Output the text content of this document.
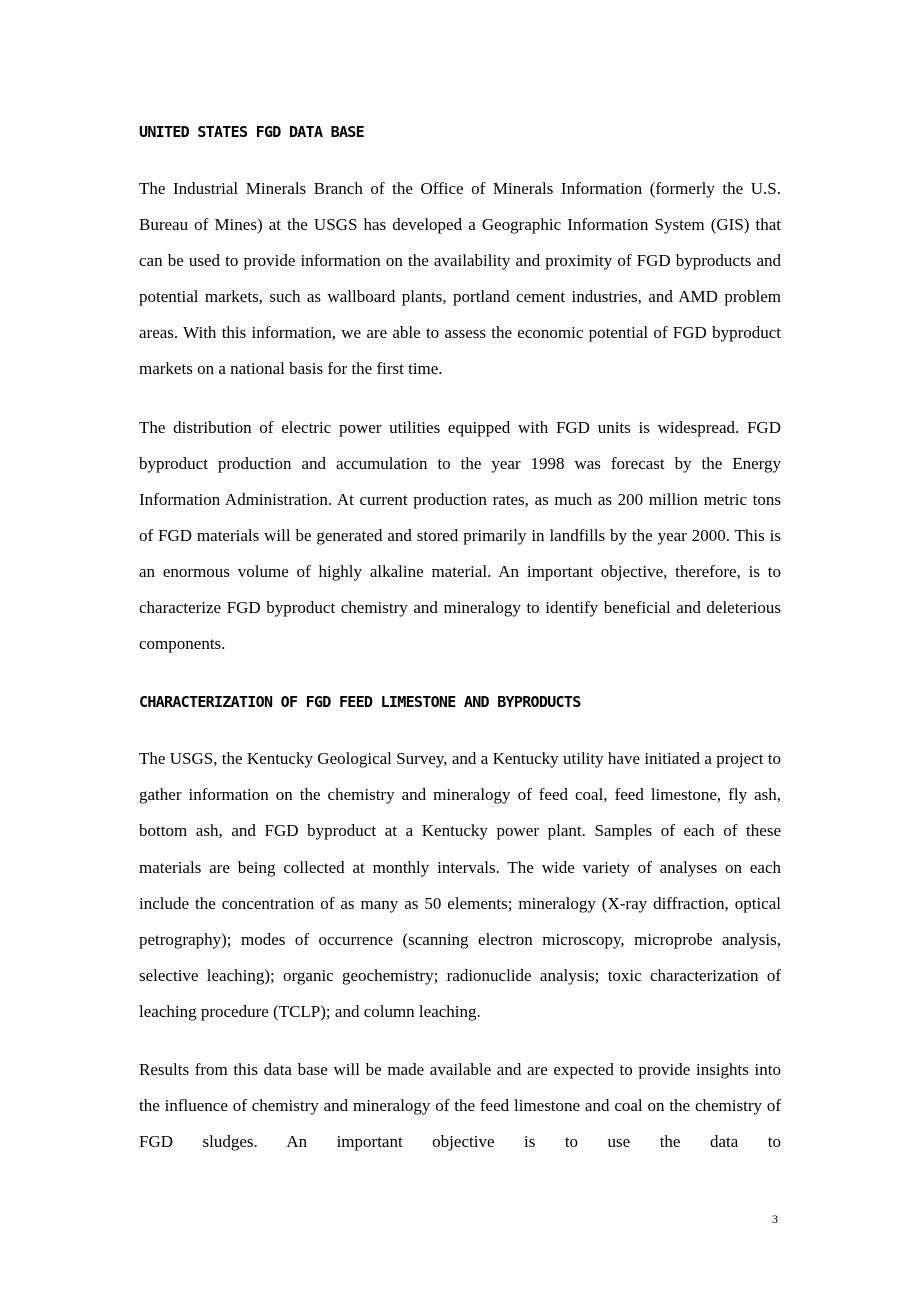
UNITED STATES FGD DATA BASE

The Industrial Minerals Branch of the Office of Minerals Information (formerly the U.S. Bureau of Mines) at the USGS has developed a Geographic Information System (GIS) that can be used to provide information on the availability and proximity of FGD byproducts and potential markets, such as wallboard plants, portland cement industries, and AMD problem areas. With this information, we are able to assess the economic potential of FGD byproduct markets on a national basis for the first time.

The distribution of electric power utilities equipped with FGD units is widespread. FGD byproduct production and accumulation to the year 1998 was forecast by the Energy Information Administration. At current production rates, as much as 200 million metric tons of FGD materials will be generated and stored primarily in landfills by the year 2000. This is an enormous volume of highly alkaline material. An important objective, therefore, is to characterize FGD byproduct chemistry and mineralogy to identify beneficial and deleterious components.

CHARACTERIZATION OF FGD FEED LIMESTONE AND BYPRODUCTS

The USGS, the Kentucky Geological Survey, and a Kentucky utility have initiated a project to gather information on the chemistry and mineralogy of feed coal, feed limestone, fly ash, bottom ash, and FGD byproduct at a Kentucky power plant. Samples of each of these materials are being collected at monthly intervals. The wide variety of analyses on each include the concentration of as many as 50 elements; mineralogy (X-ray diffraction, optical petrography); modes of occurrence (scanning electron microscopy, microprobe analysis, selective leaching); organic geochemistry; radionuclide analysis; toxic characterization of leaching procedure (TCLP); and column leaching.

Results from this data base will be made available and are expected to provide insights into the influence of chemistry and mineralogy of the feed limestone and coal on the chemistry of FGD sludges. An important objective is to use the data to

3
